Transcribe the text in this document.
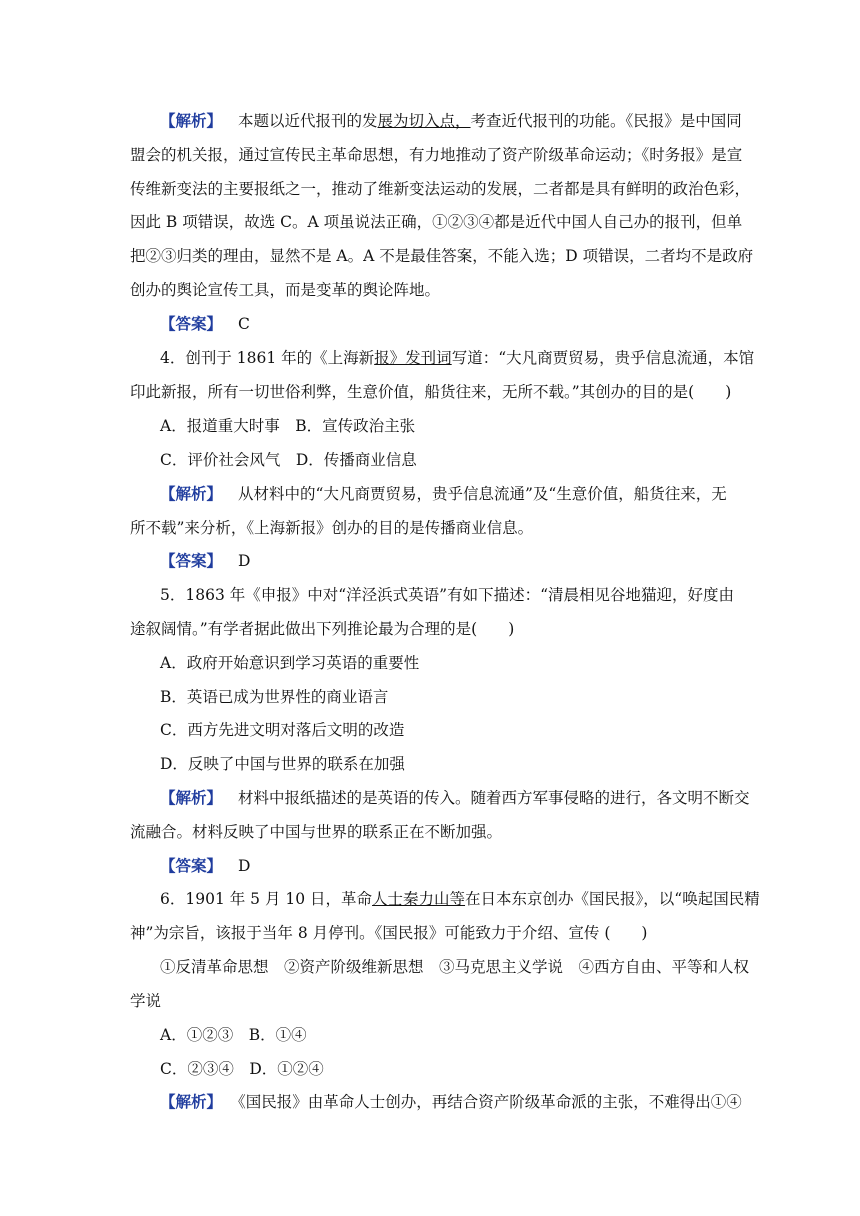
【解析】 本题以近代报刊的发展为切入点，考查近代报刊的功能。《民报》是中国同
盟会的机关报，通过宣传民主革命思想，有力地推动了资产阶级革命运动；《时务报》是宣
传维新变法的主要报纸之一，推动了维新变法运动的发展，二者都是具有鲜明的政治色彩，
因此 B 项错误，故选 C。A 项虽说法正确，①②③④都是近代中国人自己办的报刊，但单
把②③归类的理由，显然不是 A。A 不是最佳答案，不能入选；D 项错误，二者均不是政府
创办的舆论宣传工具，而是变革的舆论阵地。
【答案】 C
4．创刊于 1861 年的《上海新报》发刊词写道：“大凡商贾贸易，贵乎信息流通，本馆
印此新报，所有一切世俗利弊，生意价值，船货往来，无所不载。”其创办的目的是(　　)
A．报道重大时事　B．宣传政治主张
C．评价社会风气　D．传播商业信息
【解析】 从材料中的“大凡商贾贸易，贵乎信息流通”及“生意价值，船货往来，无
所不载”来分析，《上海新报》创办的目的是传播商业信息。
【答案】 D
5．1863 年《申报》中对“洋泾浜式英语”有如下描述：“清晨相见谷地猫迎，好度由
途叙阔情。”有学者据此做出下列推论最为合理的是(　　)
A．政府开始意识到学习英语的重要性
B．英语已成为世界性的商业语言
C．西方先进文明对落后文明的改造
D．反映了中国与世界的联系在加强
【解析】 材料中报纸描述的是英语的传入。随着西方军事侵略的进行，各文明不断交
流融合。材料反映了中国与世界的联系正在不断加强。
【答案】 D
6．1901 年 5 月 10 日，革命人士秦力山等在日本东京创办《国民报》，以“唤起国民精
神”为宗旨，该报于当年 8 月停刊。《国民报》可能致力于介绍、宣传 (　　)
①反清革命思想　②资产阶级维新思想　③马克思主义学说　④西方自由、平等和人权
学说
A．①②③　B．①④
C．②③④　D．①②④
【解析】 《国民报》由革命人士创办，再结合资产阶级革命派的主张，不难得出①④
